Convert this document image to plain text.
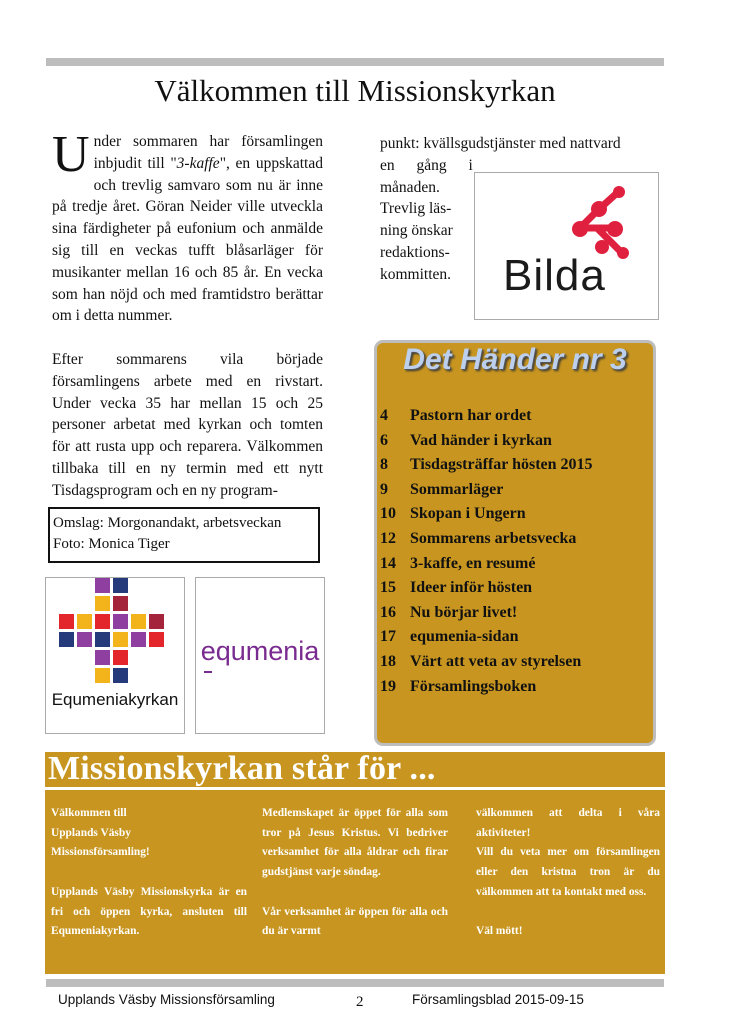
Välkommen till Missionskyrkan

Under sommaren har församlingen inbjudit till "3-kaffe", en uppskattad och trevlig samvaro som nu är inne på tredje året. Göran Neider ville utveckla sina färdigheter på eufonium och anmälde sig till en veckas tufft blåsarläger för musikanter mellan 16 och 85 år. En vecka som han nöjd och med framtidstro berättar om i detta nummer.

Efter sommarens vila började församlingens arbete med en rivstart. Under vecka 35 har mellan 15 och 25 personer arbetat med kyrkan och tomten för att rusta upp och reparera. Välkommen tillbaka till en ny termin med ett nytt Tisdagsprogram och en ny program-

punkt: kvällsgudstjänster med nattvard
en gång i
månaden.
Trevlig läs-
ning önskar
redaktions-
kommitten.	Bilda
Omslag: Morgonandakt, arbetsveckan
Foto: Monica Tiger
Equmeniakyrkan
equmenia
Det Händer nr 3
4 Pastorn har ordet
6 Vad händer i kyrkan
8 Tisdagsträffar hösten 2015
9 Sommarläger
10 Skopan i Ungern
12 Sommarens arbetsvecka
14 3-kaffe, en resumé
15 Ideer inför hösten
16 Nu börjar livet!
17 equmenia-sidan
18 Värt att veta av styrelsen
19 Församlingsboken
Missionskyrkan står för ...

Välkommen till Upplands Väsby Missionsförsamling!

Upplands Väsby Missionskyrka är en fri och öppen kyrka, ansluten till Equmeniakyrkan.

Medlemskapet är öppet för alla som tror på Jesus Kristus. Vi bedriver verksamhet för alla åldrar och firar gudstjänst varje söndag.

Vår verksamhet är öppen för alla och du är varmt

välkommen att delta i våra aktiviteter!

Vill du veta mer om församlingen eller den kristna tron är du välkommen att ta kontakt med oss.

Väl mött!

Upplands Väsby Missionsförsamling	2	Församlingsblad 2015-09-15
